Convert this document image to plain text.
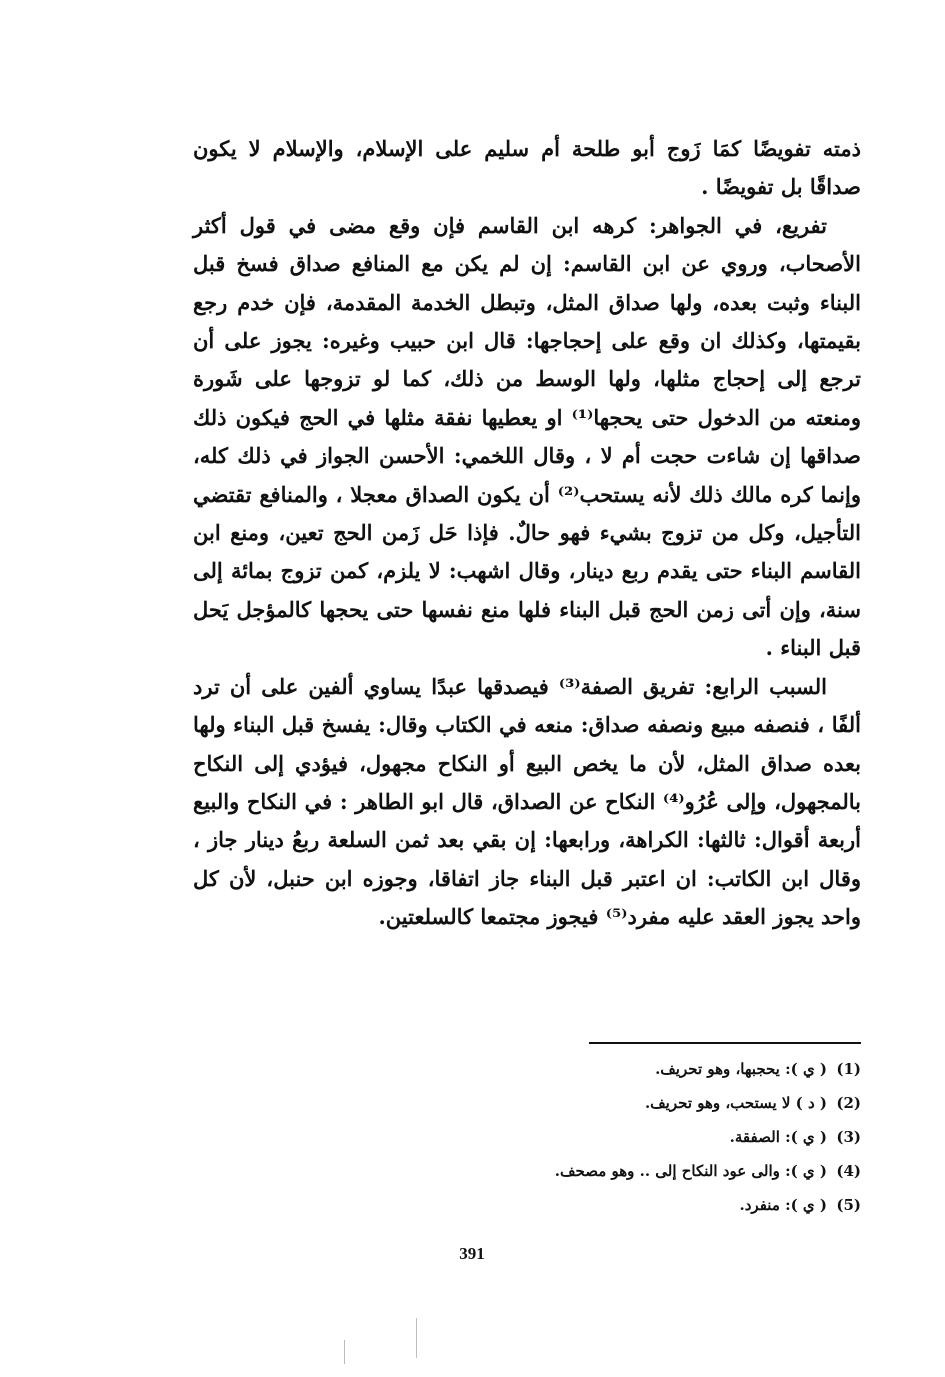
ذمته تفويضًا كمَا زَوج أبو طلحة أم سليم على الإسلام، والإسلام لا يكون صداقًا بل تفويضًا .

تفريع، في الجواهر: كرهه ابن القاسم فإن وقع مضى في قول أكثر الأصحاب، وروي عن ابن القاسم: إن لم يكن مع المنافع صداق فسخ قبل البناء وثبت بعده، ولها صداق المثل، وتبطل الخدمة المقدمة، فإن خدم رجع بقيمتها، وكذلك ان وقع على إحجاجها: قال ابن حبيب وغيره: يجوز على أن ترجع إلى إحجاج مثلها، ولها الوسط من ذلك، كما لو تزوجها على شَورة ومنعته من الدخول حتى يحجها⁽¹⁾ او يعطيها نفقة مثلها في الحج فيكون ذلك صداقها إن شاءت حجت أم لا ، وقال اللخمي: الأحسن الجواز في ذلك كله، وإنما كره مالك ذلك لأنه يستحب⁽²⁾ أن يكون الصداق معجلا ، والمنافع تقتضي التأجيل، وكل من تزوج بشيء فهو حالٌ. فإذا حَل زَمن الحج تعين، ومنع ابن القاسم البناء حتى يقدم ربع دينار، وقال اشهب: لا يلزم، كمن تزوج بمائة إلى سنة، وإن أتى زمن الحج قبل البناء فلها منع نفسها حتى يحجها كالمؤجل يَحل قبل البناء .

السبب الرابع: تفريق الصفة⁽³⁾ فيصدقها عبدًا يساوي ألفين على أن ترد ألفًا ، فنصفه مبيع ونصفه صداق: منعه في الكتاب وقال: يفسخ قبل البناء ولها بعده صداق المثل، لأن ما يخص البيع أو النكاح مجهول، فيؤدي إلى النكاح بالمجهول، وإلى عُرُو⁽⁴⁾ النكاح عن الصداق، قال ابو الطاهر : في النكاح والبيع أربعة أقوال: ثالثها: الكراهة، ورابعها: إن بقي بعد ثمن السلعة ربعُ دينار جاز ، وقال ابن الكاتب: ان اعتبر قبل البناء جاز اتفاقا، وجوزه ابن حنبل، لأن كل واحد يجوز العقد عليه مفرد⁽⁵⁾ فيجوز مجتمعا كالسلعتين.

(1)( ي ): يحجبها، وهو تحريف.
(2)( د ) لا يستحب، وهو تحريف.
(3)( ي ): الصفقة.
(4)( ي ): والى عود النكاح إلى .. وهو مصحف.
(5)( ي ): منفرد.
391
